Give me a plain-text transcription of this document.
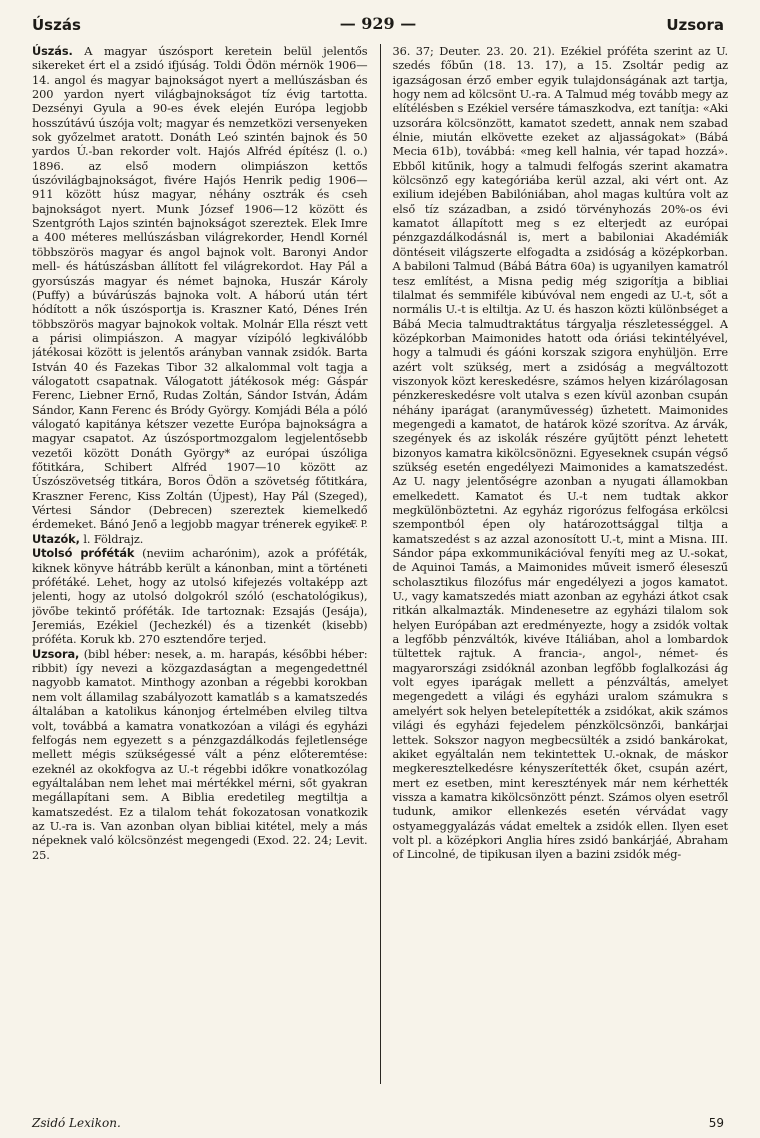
Úszás	— 929 —	Uzsora

Úszás. A magyar úszósport keretein belül jelentős sikereket ért el a zsidó ifjúság. Toldi Ödön mérnök 1906—14. angol és magyar bajnokságot nyert a mellúszásban és 200 yardon nyert világbajnokságot tíz évig tartotta. Dezsényi Gyula a 90-es évek elején Európa legjobb hosszútávú úszója volt; magyar és nemzetközi versenyeken sok győzelmet aratott. Donáth Leó szintén bajnok és 50 yardos Ú.-ban rekorder volt. Hajós Alfréd építész (l. o.) 1896. az első modern olimpiászon kettős úszóvilágbajnokságot, fivére Hajós Henrik pedig 1906—911 között húsz magyar, néhány osztrák és cseh bajnokságot nyert. Munk József 1906—12 között és Szentgróth Lajos szintén bajnokságot szereztek. Elek Imre a 400 méteres mellúszásban világrekorder, Hendl Kornél többszörös magyar és angol bajnok volt. Baronyi Andor mell- és hátúszásban állított fel világrekordot. Hay Pál a gyorsúszás magyar és német bajnoka, Huszár Károly (Puffy) a búvárúszás bajnoka volt. A háború után tért hódított a nők úszósportja is. Kraszner Kató, Dénes Irén többszörös magyar bajnokok voltak. Molnár Ella részt vett a párisi olimpiászon. A magyar vízipóló legkiválóbb játékosai között is jelentős arányban vannak zsidók. Barta István 40 és Fazekas Tibor 32 alkalommal volt tagja a válogatott csapatnak. Válogatott játékosok még: Gáspár Ferenc, Liebner Ernő, Rudas Zoltán, Sándor István, Ádám Sándor, Kann Ferenc és Bródy György. Komjádi Béla a póló válogató kapitánya kétszer vezette Európa bajnokságra a magyar csapatot. Az úszósportmozgalom legjelentősebb vezetői között Donáth György* az európai úszóliga főtitkára, Schibert Alfréd 1907—10 között az Úszószövetség titkára, Boros Ödön a szövetség főtitkára, Kraszner Ferenc, Kiss Zoltán (Újpest), Hay Pál (Szeged), Vértesi Sándor (Debrecen) szereztek kiemelkedő érdemeket. Bánó Jenő a legjobb magyar trénerek egyike.

F. P.

Utazók, l. Földrajz.

Utolsó próféták (neviim acharónim), azok a próféták, kiknek könyve hátrább került a kánonban, mint a történeti prófétáké. Lehet, hogy az utolsó kifejezés voltaképp azt jelenti, hogy az utolsó dolgokról szóló (eschatológikus), jövőbe tekintő próféták. Ide tartoznak: Ezsajás (Jesája), Jeremiás, Ezékiel (Jechezkél) és a tizenkét (kisebb) próféta. Koruk kb. 270 esztendőre terjed.

Uzsora, (bibl héber: nesek, a. m. harapás, későbbi héber: ribbit) így nevezi a közgazdaságtan a megengedettnél nagyobb kamatot. Minthogy azonban a régebbi korokban nem volt államilag szabályozott kamatláb s a kamatszedés általában a katolikus kánonjog értelmében elvileg tiltva volt, továbbá a kamatra vonatkozóan a világi és egyházi felfogás nem egyezett s a pénzgazdálkodás fejletlensége mellett mégis szükségessé vált a pénz előteremtése: ezeknél az okokfogva az U.-t régebbi időkre vonatkozólag egyáltalában nem lehet mai mértékkel mérni, sőt gyakran megállapítani sem. A Biblia eredetileg megtiltja a kamatszedést. Ez a tilalom tehát fokozatosan vonatkozik az U.-ra is. Van azonban olyan bibliai kitétel, mely a más népeknek való kölcsönzést megengedi (Exod. 22. 24; Levit. 25.

36. 37; Deuter. 23. 20. 21). Ezékiel próféta szerint az U. szedés főbűn (18. 13. 17), a 15. Zsoltár pedig az igazságosan érző ember egyik tulajdonságának azt tartja, hogy nem ad kölcsönt U.-ra. A Talmud még tovább megy az elítélésben s Ezékiel versére támaszkodva, ezt tanítja: «Aki uzsorára kölcsönzött, kamatot szedett, annak nem szabad élnie, miután elkövette ezeket az aljasságokat» (Bábá Mecia 61b), továbbá: «meg kell halnia, vér tapad hozzá». Ebből kitűnik, hogy a talmudi felfogás szerint akamatra kölcsönző egy kategóriába kerül azzal, aki vért ont. Az exilium idejében Babilóniában, ahol magas kultúra volt az első tíz században, a zsidó törvényhozás 20%-os évi kamatot állapított meg s ez elterjedt az európai pénzgazdálkodásnál is, mert a babiloniai Akadémiák döntéseit világszerte elfogadta a zsidóság a középkorban. A babiloni Talmud (Bábá Bátra 60a) is ugyanilyen kamatról tesz említést, a Misna pedig még szigorítja a bibliai tilalmat és semmiféle kibúvóval nem engedi az U.-t, sőt a normális U.-t is eltiltja. Az U. és haszon közti különbséget a Bábá Mecia talmudtraktátus tárgyalja részletességgel. A középkorban Maimonides hatott oda óriási tekintélyével, hogy a talmudi és gáóni korszak szigora enyhüljön. Erre azért volt szükség, mert a zsidóság a megváltozott viszonyok közt kereskedésre, számos helyen kizárólagosan pénzkereskedésre volt utalva s ezen kívül azonban csupán néhány iparágat (aranyművesség) űzhetett. Maimonides megengedi a kamatot, de határok közé szorítva. Az árvák, szegények és az iskolák részére gyűjtött pénzt lehetett bizonyos kamatra kikölcsönözni. Egyeseknek csupán végső szükség esetén engedélyezi Maimonides a kamatszedést. Az U. nagy jelentőségre azonban a nyugati államokban emelkedett. Kamatot és U.-t nem tudtak akkor megkülönböztetni. Az egyház rigorózus felfogása erkölcsi szempontból épen oly határozottsággal tiltja a kamatszedést s az azzal azonosított U.-t, mint a Misna. III. Sándor pápa exkommunikációval fenyíti meg az U.-sokat, de Aquinoi Tamás, a Maimonides műveit ismerő éleseszű scholasztikus filozófus már engedélyezi a jogos kamatot. U., vagy kamatszedés miatt azonban az egyházi átkot csak ritkán alkalmazták. Mindenesetre az egyházi tilalom sok helyen Európában azt eredményezte, hogy a zsidók voltak a legfőbb pénzváltók, kivéve Itáliában, ahol a lombardok tültettek rajtuk. A francia-, angol-, német- és magyarországi zsidóknál azonban legfőbb foglalkozási ág volt egyes iparágak mellett a pénzváltás, amelyet megengedett a világi és egyházi uralom számukra s amelyért sok helyen betelepítették a zsidókat, akik számos világi és egyházi fejedelem pénzkölcsönzői, bankárjai lettek. Sokszor nagyon megbecsülték a zsidó bankárokat, akiket egyáltalán nem tekintettek U.-oknak, de máskor megkeresztelkedésre kényszerítették őket, csupán azért, mert ez esetben, mint keresztények már nem kérhették vissza a kamatra kikölcsönzött pénzt. Számos olyen esetről tudunk, amikor ellenkezés esetén vérvádat vagy ostyameggyalázás vádat emeltek a zsidók ellen. Ilyen eset volt pl. a középkori Anglia híres zsidó bankárjáé, Abraham of Lincolné, de tipikusan ilyen a bazini zsidók még-

Zsidó Lexikon.	59
